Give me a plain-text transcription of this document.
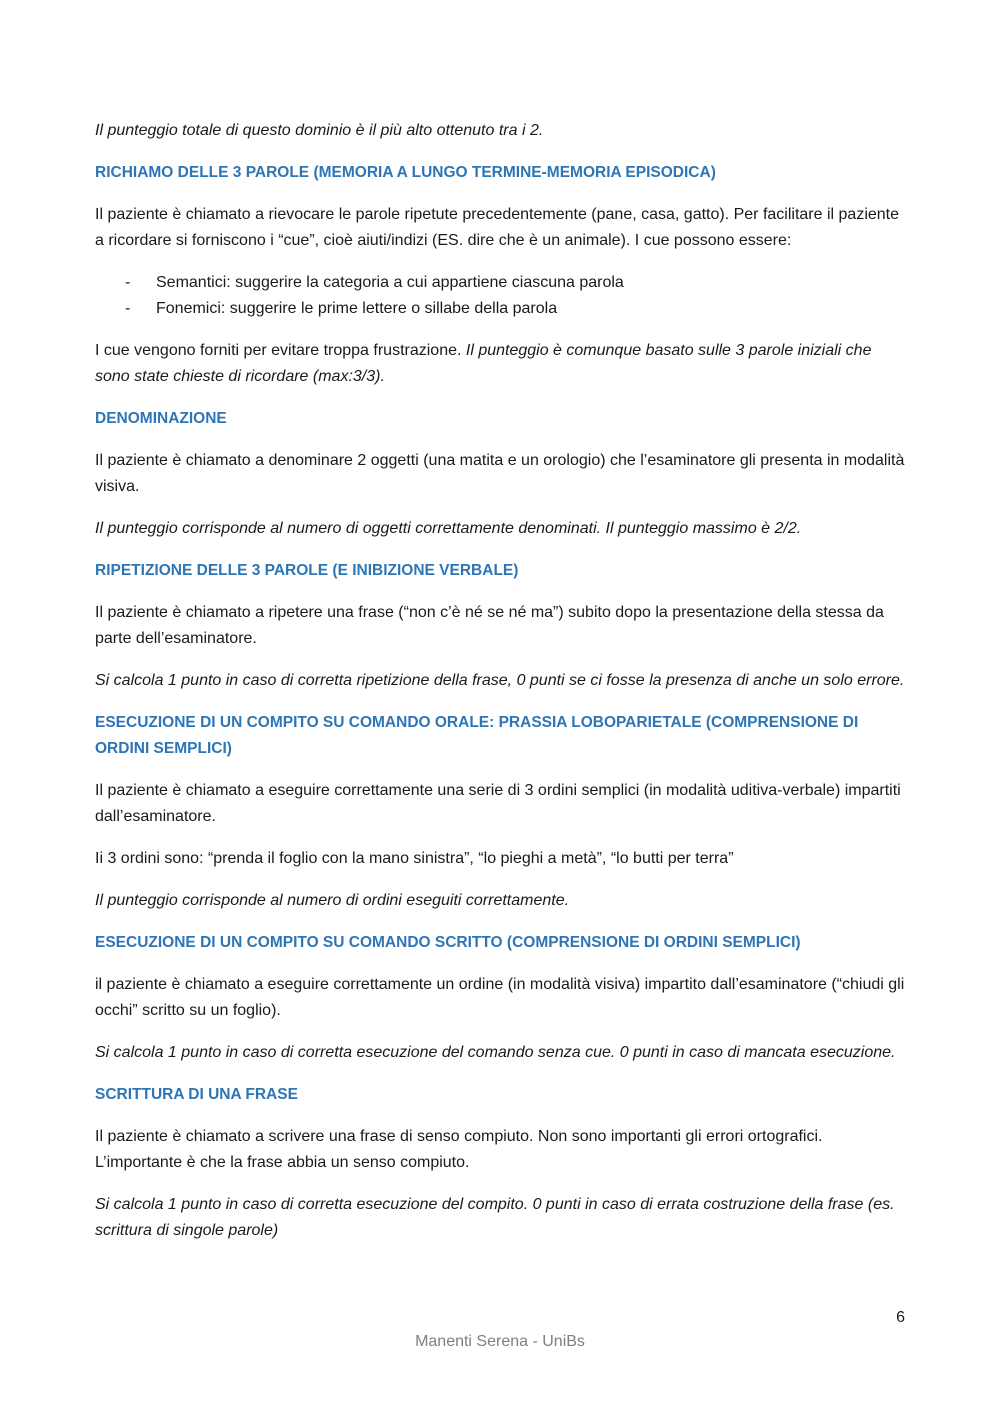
Il punteggio totale di questo dominio è il più alto ottenuto tra i 2.

RICHIAMO DELLE 3 PAROLE (MEMORIA A LUNGO TERMINE-MEMORIA EPISODICA)

Il paziente è chiamato a rievocare le parole ripetute precedentemente (pane, casa, gatto). Per facilitare il paziente a ricordare si forniscono i “cue”, cioè aiuti/indizi (ES. dire che è un animale). I cue possono essere:

-	Semantici: suggerire la categoria a cui appartiene ciascuna parola
-	Fonemici: suggerire le prime lettere o sillabe della parola

I cue vengono forniti per evitare troppa frustrazione. Il punteggio è comunque basato sulle 3 parole iniziali che sono state chieste di ricordare (max:3/3).

DENOMINAZIONE

Il paziente è chiamato a denominare 2 oggetti (una matita e un orologio) che l’esaminatore gli presenta in modalità visiva.

Il punteggio corrisponde al numero di oggetti correttamente denominati. Il punteggio massimo è 2/2.

RIPETIZIONE DELLE 3 PAROLE (E INIBIZIONE VERBALE)

Il paziente è chiamato a ripetere una frase (“non c’è né se né ma”) subito dopo la presentazione della stessa da parte dell’esaminatore.

Si calcola 1 punto in caso di corretta ripetizione della frase, 0 punti se ci fosse la presenza di anche un solo errore.

ESECUZIONE DI UN COMPITO SU COMANDO ORALE: PRASSIA LOBOPARIETALE (COMPRENSIONE DI ORDINI SEMPLICI)

Il paziente è chiamato a eseguire correttamente una serie di 3 ordini semplici (in modalità uditiva-verbale) impartiti dall’esaminatore.

Ii 3 ordini sono: “prenda il foglio con la mano sinistra”, “lo pieghi a metà”, “lo butti per terra”

Il punteggio corrisponde al numero di ordini eseguiti correttamente.

ESECUZIONE DI UN COMPITO SU COMANDO SCRITTO (COMPRENSIONE DI ORDINI SEMPLICI)

il paziente è chiamato a eseguire correttamente un ordine (in modalità visiva) impartito dall’esaminatore (“chiudi gli occhi” scritto su un foglio).

Si calcola 1 punto in caso di corretta esecuzione del comando senza cue. 0 punti in caso di mancata esecuzione.

SCRITTURA DI UNA FRASE

Il paziente è chiamato a scrivere una frase di senso compiuto. Non sono importanti gli errori ortografici. L’importante è che la frase abbia un senso compiuto.

Si calcola 1 punto in caso di corretta esecuzione del compito. 0 punti in caso di errata costruzione della frase (es. scrittura di singole parole)

6
Manenti Serena - UniBs
